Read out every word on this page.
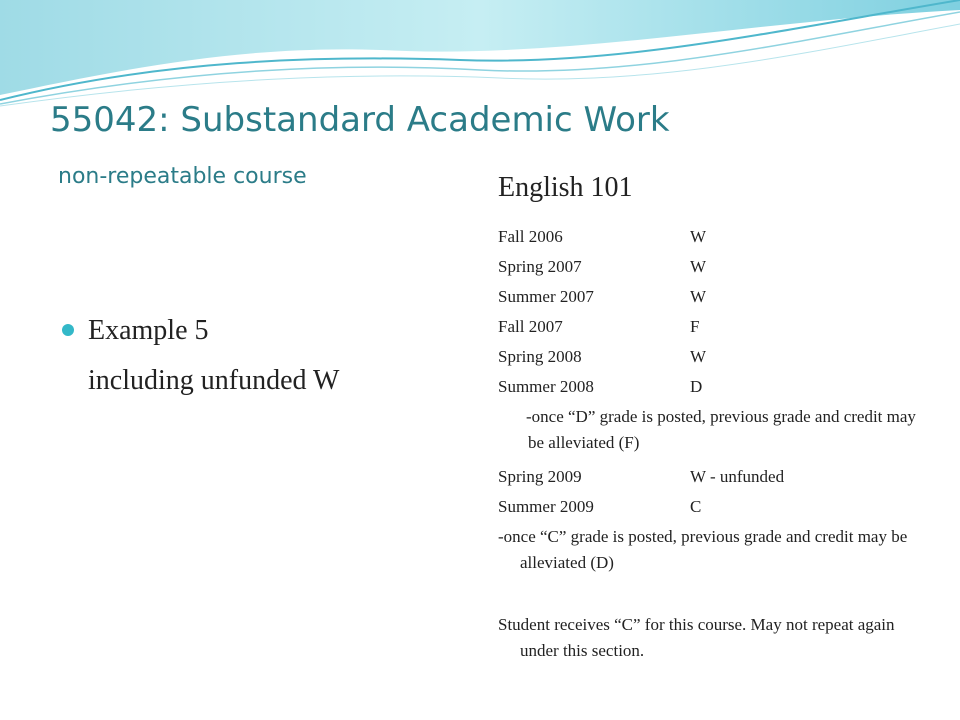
55042: Substandard Academic Work
non-repeatable course
Example 5
including unfunded W
English 101
Fall 2006	W
Spring 2007	W
Summer 2007	W
Fall 2007	F
Spring 2008	W
Summer 2008	D
-once “D” grade is posted, previous grade and credit may be alleviated (F)
Spring 2009	W - unfunded
Summer 2009	C
-once “C” grade is posted, previous grade and credit may be alleviated (D)
Student receives “C” for this course. May not repeat again under this section.
